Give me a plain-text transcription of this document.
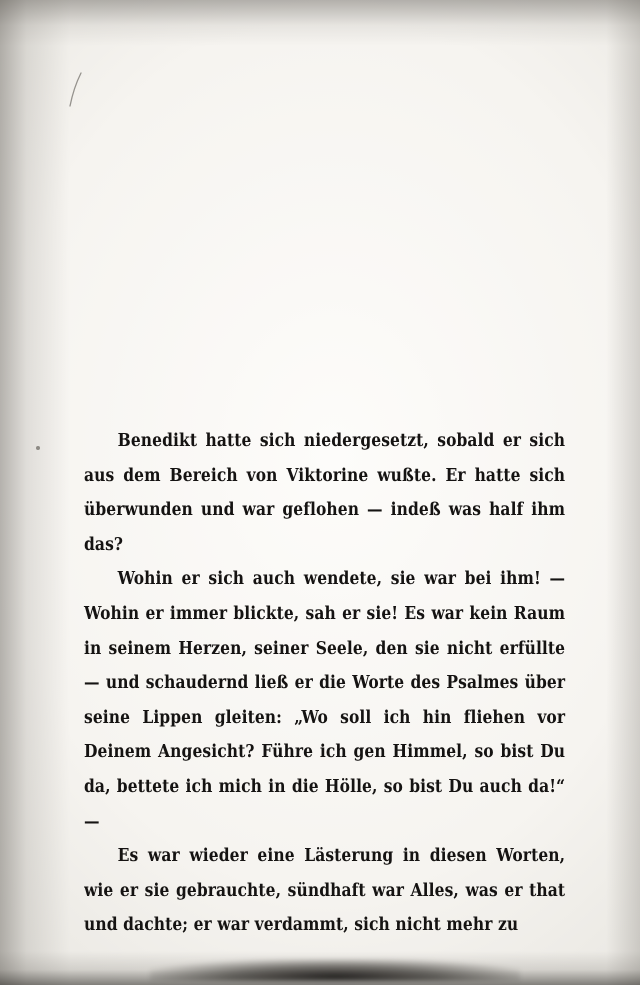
Benedikt hatte sich niedergesetzt, sobald er sich aus dem Bereich von Viktorine wußte. Er hatte sich überwunden und war geflohen — indeß was half ihm das?

Wohin er sich auch wendete, sie war bei ihm! — Wohin er immer blickte, sah er sie! Es war kein Raum in seinem Herzen, seiner Seele, den sie nicht erfüllte — und schaudernd ließ er die Worte des Psalmes über seine Lippen gleiten: „Wo soll ich hin fliehen vor Deinem Angesicht? Führe ich gen Himmel, so bist Du da, bettete ich mich in die Hölle, so bist Du auch da!“ —

Es war wieder eine Lästerung in diesen Worten, wie er sie gebrauchte, sündhaft war Alles, was er that und dachte; er war verdammt, sich nicht mehr zu
